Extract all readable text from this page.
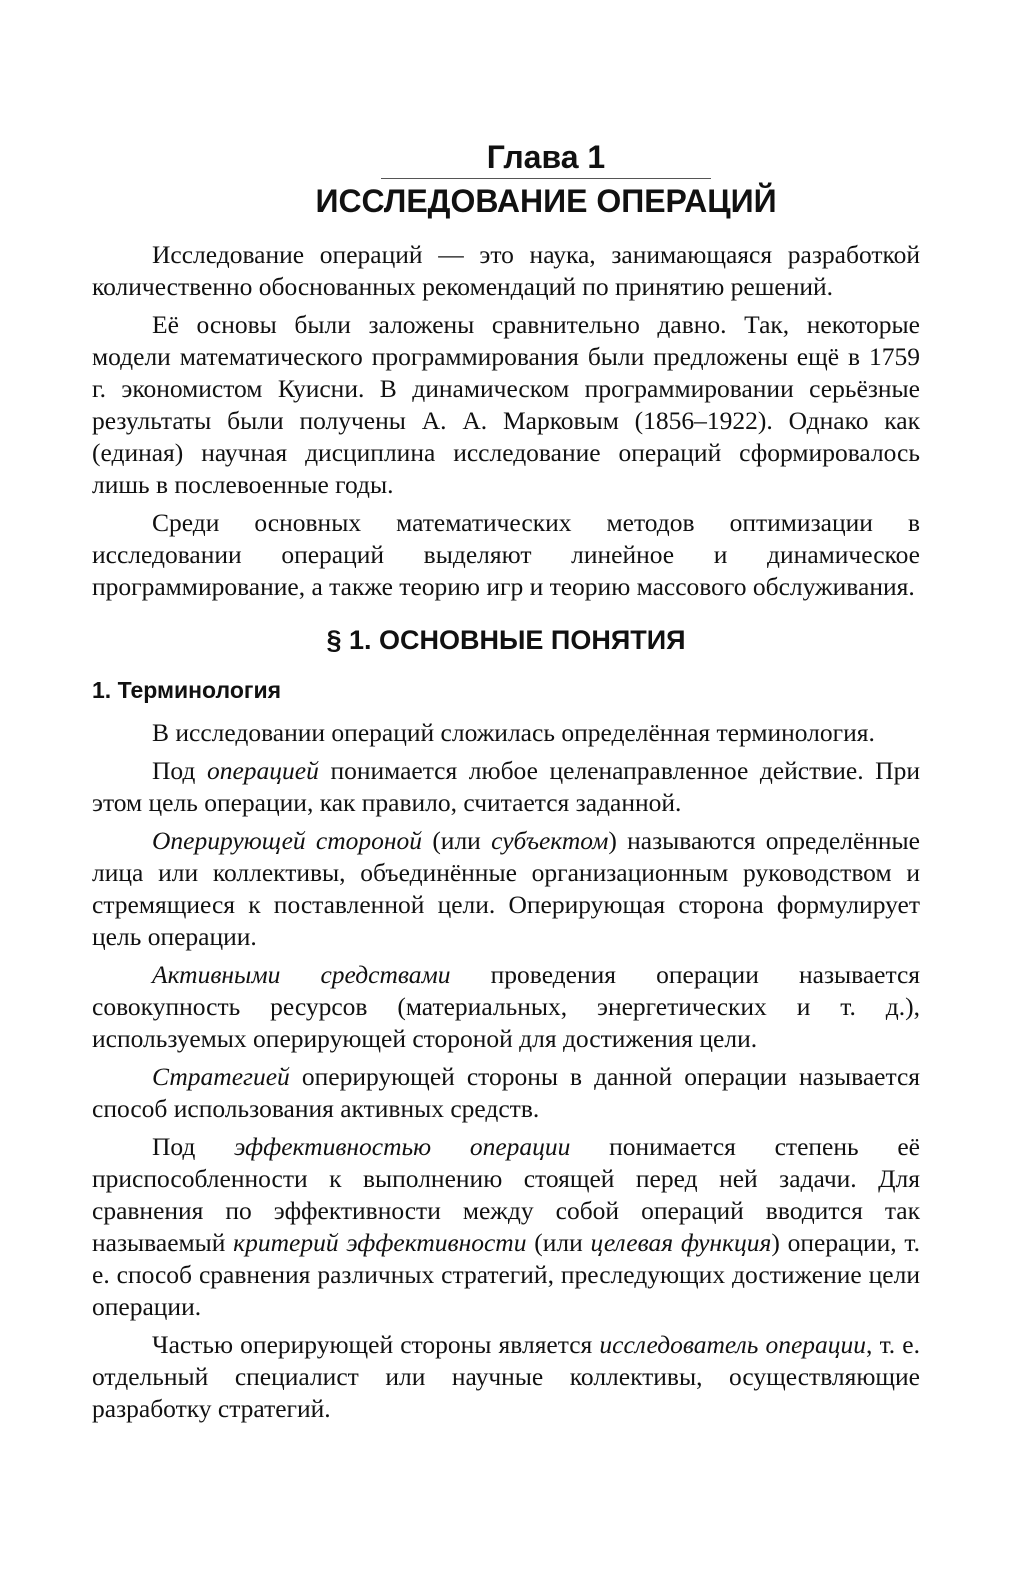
Глава 1
ИССЛЕДОВАНИЕ ОПЕРАЦИЙ

Исследование операций — это наука, занимающаяся разработкой количественно обоснованных рекомендаций по принятию решений.

Её основы были заложены сравнительно давно. Так, некоторые модели математического программирования были предложены ещё в 1759 г. экономистом Куисни. В динамическом программировании серьёзные результаты были получены А. А. Марковым (1856–1922). Однако как (единая) научная дисциплина исследование операций сформировалось лишь в послевоенные годы.

Среди основных математических методов оптимизации в исследовании операций выделяют линейное и динамическое программирование, а также теорию игр и теорию массового обслуживания.

§ 1. ОСНОВНЫЕ ПОНЯТИЯ
1. Терминология

В исследовании операций сложилась определённая терминология.

Под операцией понимается любое целенаправленное действие. При этом цель операции, как правило, считается заданной.

Оперирующей стороной (или субъектом) называются определённые лица или коллективы, объединённые организационным руководством и стремящиеся к поставленной цели. Оперирующая сторона формулирует цель операции.

Активными средствами проведения операции называется совокупность ресурсов (материальных, энергетических и т. д.), используемых оперирующей стороной для достижения цели.

Стратегией оперирующей стороны в данной операции называется способ использования активных средств.

Под эффективностью операции понимается степень её приспособленности к выполнению стоящей перед ней задачи. Для сравнения по эффективности между собой операций вводится так называемый критерий эффективности (или целевая функция) операции, т. е. способ сравнения различных стратегий, преследующих достижение цели операции.

Частью оперирующей стороны является исследователь операции, т. е. отдельный специалист или научные коллективы, осуществляющие разработку стратегий.
